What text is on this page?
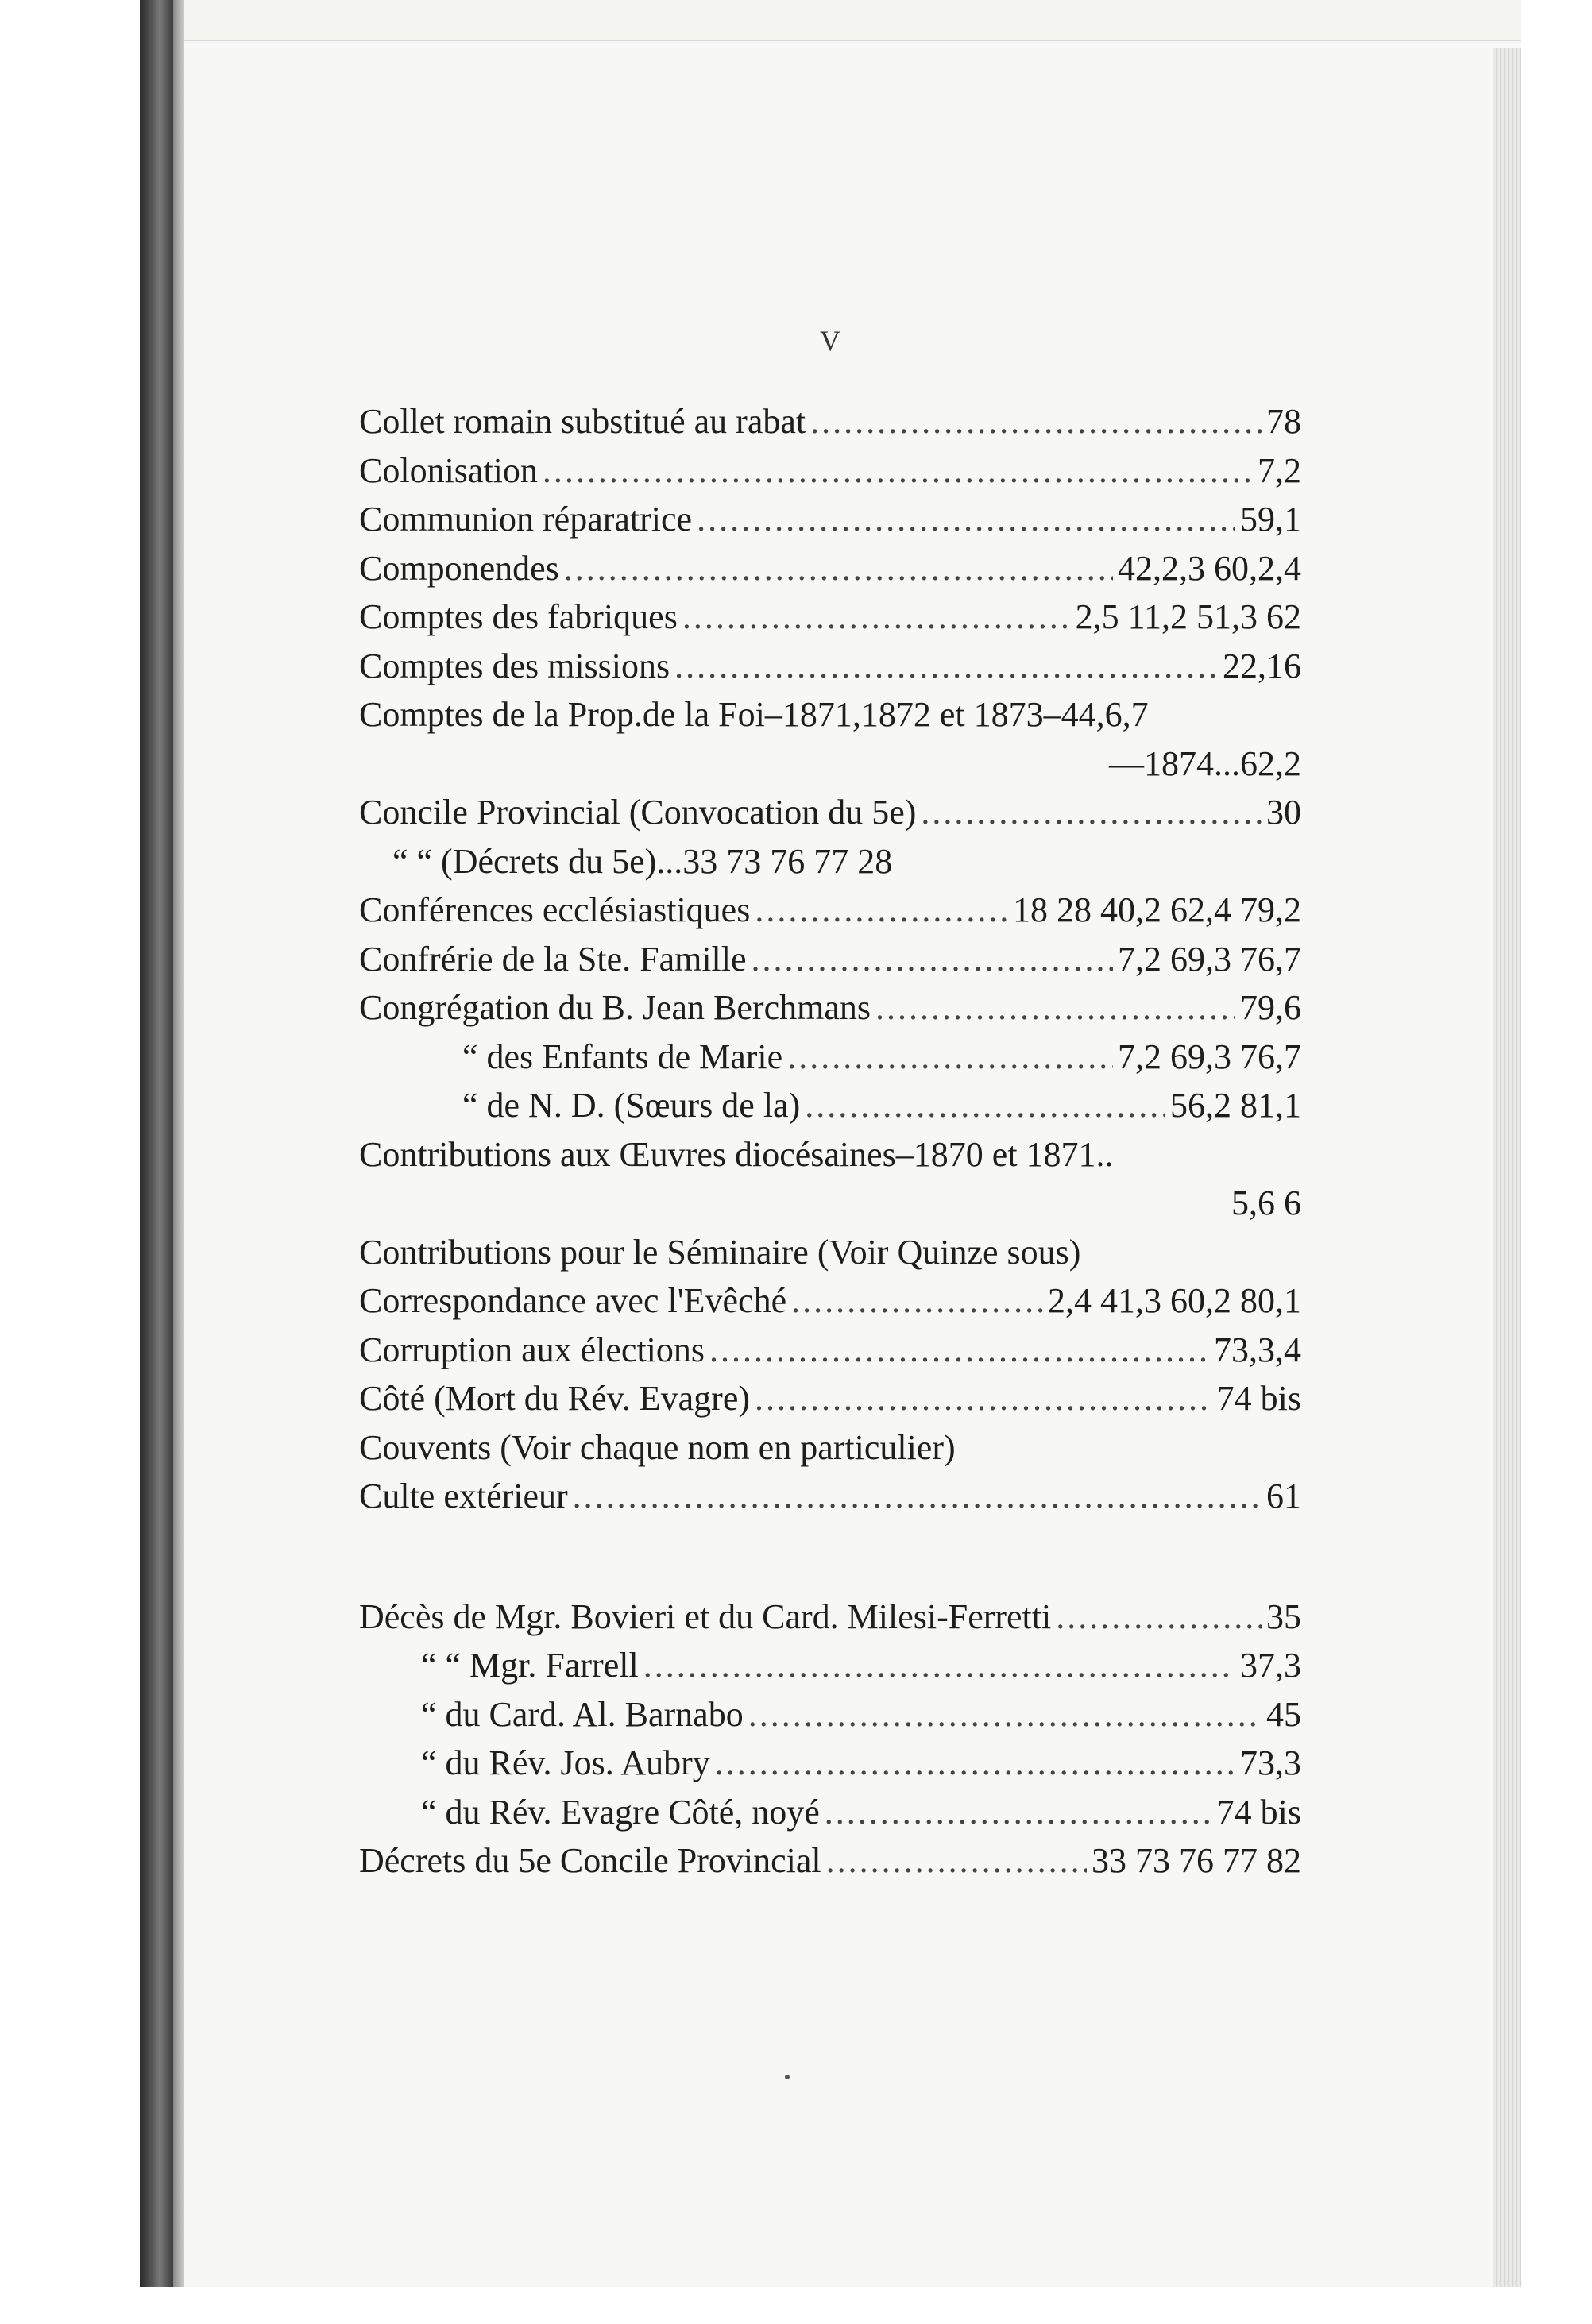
V
Collet romain substitué au rabat .....	78
Colonisation .....	7,2
Communion réparatrice .....	59,1
Componendes .....	42,2,3 60,2,4
Comptes des fabriques .....	2,5 11,2 51,3 62
Comptes des missions .....	22,16
Comptes de la Prop.de la Foi–1871,1872 et 1873–44,6,7
—1874...62,2
Concile Provincial (Convocation du 5e) .....	30
“ “ (Décrets du 5e)...33 73 76 77 28
Conférences ecclésiastiques .....	18 28 40,2 62,4 79,2
Confrérie de la Ste. Famille .....	7,2 69,3 76,7
Congrégation du B. Jean Berchmans .....	79,6
“ des Enfants de Marie .....	7,2 69,3 76,7
“ de N. D. (Sœurs de la) .....	56,2 81,1
Contributions aux Œuvres diocésaines–1870 et 1871..
5,6 6
Contributions pour le Séminaire (Voir Quinze sous)
Correspondance avec l'Evêché .....	2,4 41,3 60,2 80,1
Corruption aux élections .....	73,3,4
Côté (Mort du Rév. Evagre) .....	74 bis
Couvents (Voir chaque nom en particulier)
Culte extérieur .....	61
Décès de Mgr. Bovieri et du Card. Milesi-Ferretti .....	35
“ “ Mgr. Farrell .....	37,3
“ du Card. Al. Barnabo .....	45
“ du Rév. Jos. Aubry .....	73,3
“ du Rév. Evagre Côté, noyé .....	74 bis
Décrets du 5e Concile Provincial .....	33 73 76 77 82
